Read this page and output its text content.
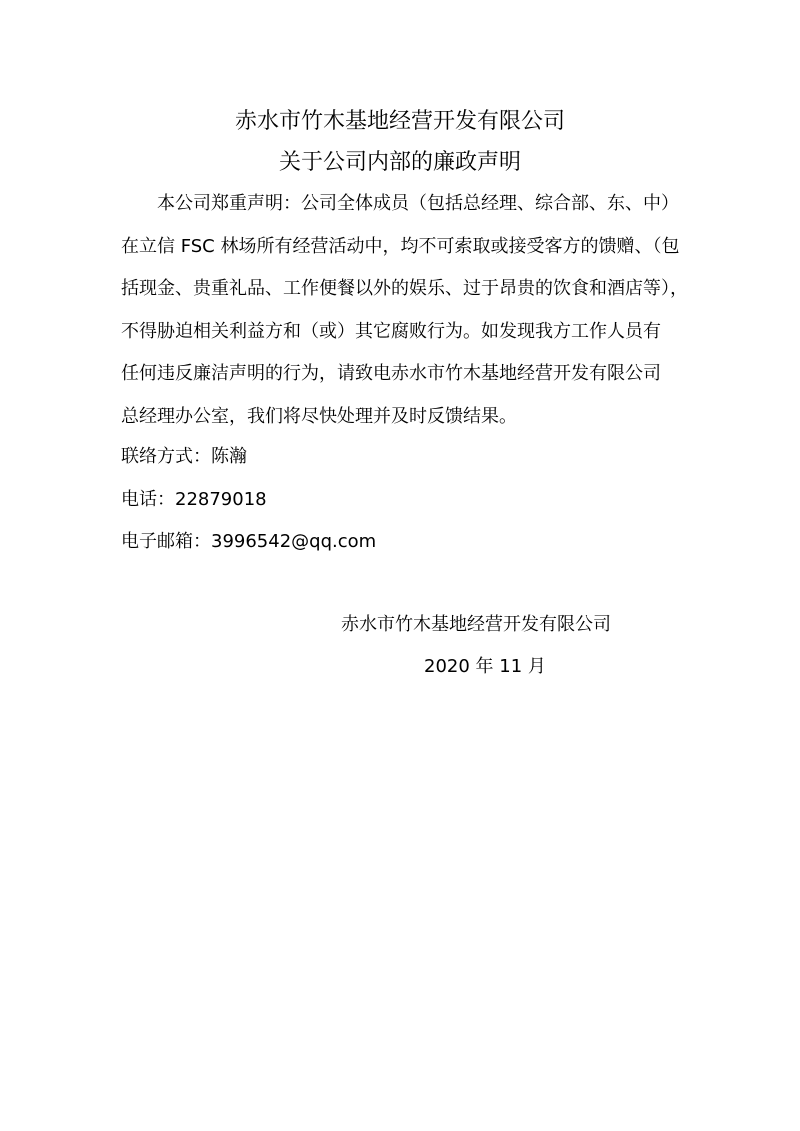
赤水市竹木基地经营开发有限公司
关于公司内部的廉政声明
本公司郑重声明：公司全体成员（包括总经理、综合部、东、中）
在立信 FSC 林场所有经营活动中，均不可索取或接受客方的馈赠、（包
括现金、贵重礼品、工作便餐以外的娱乐、过于昂贵的饮食和酒店等），
不得胁迫相关利益方和（或）其它腐败行为。如发现我方工作人员有
任何违反廉洁声明的行为，请致电赤水市竹木基地经营开发有限公司
总经理办公室，我们将尽快处理并及时反馈结果。
联络方式：陈瀚
电话：22879018
电子邮箱：3996542@qq.com
赤水市竹木基地经营开发有限公司
2020 年 11 月
